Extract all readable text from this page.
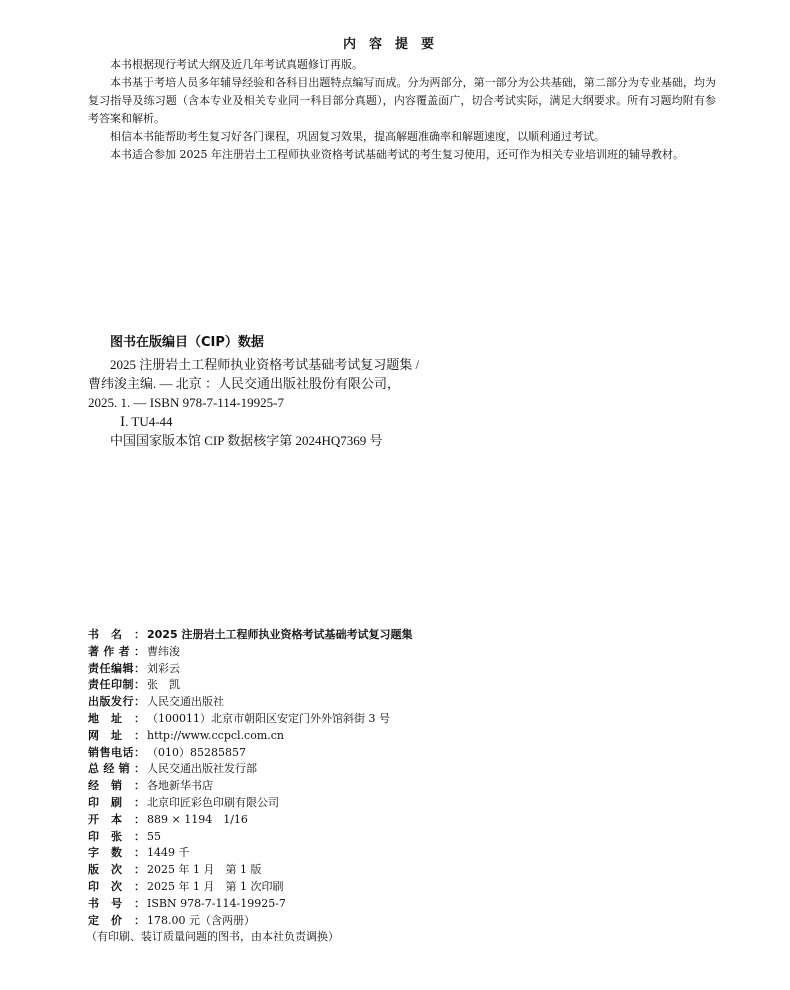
内容提要

本书根据现行考试大纲及近几年考试真题修订再版。

本书基于考培人员多年辅导经验和各科目出题特点编写而成。分为两部分，第一部分为公共基础，第二部分为专业基础，均为复习指导及练习题（含本专业及相关专业同一科目部分真题），内容覆盖面广，切合考试实际，满足大纲要求。所有习题均附有参考答案和解析。

相信本书能帮助考生复习好各门课程，巩固复习效果，提高解题准确率和解题速度，以顺利通过考试。

本书适合参加 2025 年注册岩土工程师执业资格考试基础考试的考生复习使用，还可作为相关专业培训班的辅导教材。

图书在版编目（CIP）数据
2025 注册岩土工程师执业资格考试基础考试复习题集 /
曹纬浚主编. — 北京 ：人民交通出版社股份有限公司，
2025. 1. — ISBN 978-7-114-19925-7
Ⅰ. TU4-44
中国国家版本馆 CIP 数据核字第 2024HQ7369 号
书 名 ： 2025 注册岩土工程师执业资格考试基础考试复习题集
著 作 者 ： 曹纬浚
责 任 编 辑 ： 刘彩云
责 任 印 制 ： 张　凯
出 版 发 行 ： 人民交通出版社
地 址 ： （100011）北京市朝阳区安定门外外馆斜街 3 号
网 址 ： http://www.ccpcl.com.cn
销 售 电 话 ： （010）85285857
总 经 销 ： 人民交通出版社发行部
经 销 ： 各地新华书店
印 刷 ： 北京印匠彩色印刷有限公司
开 本 ： 889 × 1194　1/16
印 张 ： 55
字 数 ： 1449 千
版 次 ： 2025 年 1 月　第 1 版
印 次 ： 2025 年 1 月　第 1 次印刷
书 号 ： ISBN 978-7-114-19925-7
定 价 ： 178.00 元（含两册）
（有印刷、装订质量问题的图书，由本社负责调换）
